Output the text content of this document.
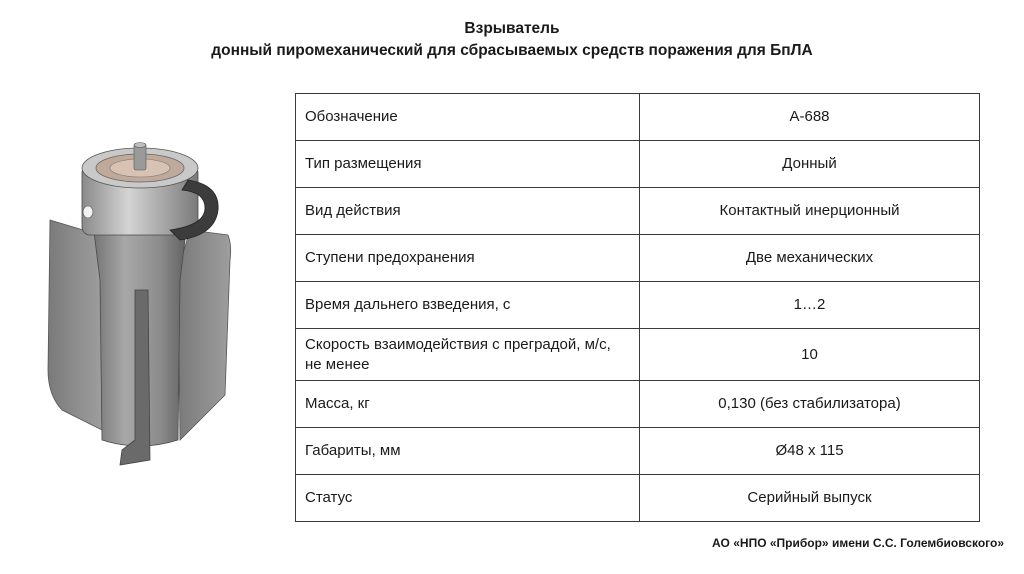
Взрыватель
донный пиромеханический для сбрасываемых средств поражения для БпЛА
Обозначение	А-688
Тип размещения	Донный
Вид действия	Контактный инерционный
Ступени предохранения	Две механических
Время дальнего взведения, с	1…2
Скорость взаимодействия с преградой, м/с, не менее	10
Масса, кг	0,130 (без стабилизатора)
Габариты, мм	Ø48 х 115
Статус	Серийный выпуск
АО «НПО «Прибор» имени С.С. Голембиовского»
